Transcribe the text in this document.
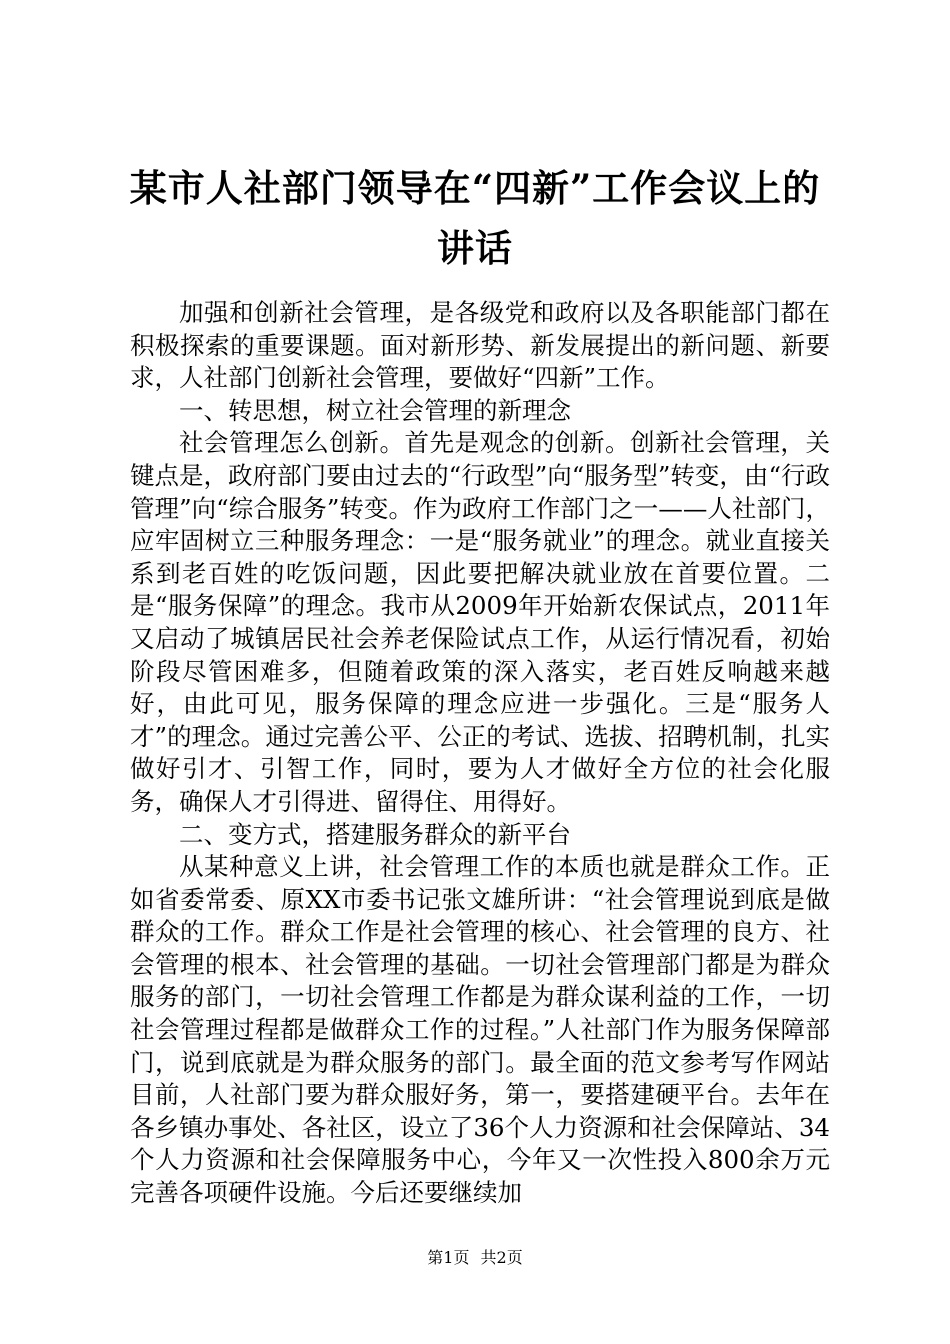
某市人社部门领导在“四新”工作会议上的讲话

加强和创新社会管理，是各级党和政府以及各职能部门都在积极探索的重要课题。面对新形势、新发展提出的新问题、新要求，人社部门创新社会管理，要做好“四新”工作。

一、转思想，树立社会管理的新理念

社会管理怎么创新。首先是观念的创新。创新社会管理，关键点是，政府部门要由过去的“行政型”向“服务型”转变，由“行政管理”向“综合服务”转变。作为政府工作部门之一——人社部门，应牢固树立三种服务理念：一是“服务就业”的理念。就业直接关系到老百姓的吃饭问题，因此要把解决就业放在首要位置。二是“服务保障”的理念。我市从2009年开始新农保试点，2011年又启动了城镇居民社会养老保险试点工作，从运行情况看，初始阶段尽管困难多，但随着政策的深入落实，老百姓反响越来越好，由此可见，服务保障的理念应进一步强化。三是“服务人才”的理念。通过完善公平、公正的考试、选拔、招聘机制，扎实做好引才、引智工作，同时，要为人才做好全方位的社会化服务，确保人才引得进、留得住、用得好。

二、变方式，搭建服务群众的新平台

从某种意义上讲，社会管理工作的本质也就是群众工作。正如省委常委、原XX市委书记张文雄所讲：“社会管理说到底是做群众的工作。群众工作是社会管理的核心、社会管理的良方、社会管理的根本、社会管理的基础。一切社会管理部门都是为群众服务的部门，一切社会管理工作都是为群众谋利益的工作，一切社会管理过程都是做群众工作的过程。”人社部门作为服务保障部门，说到底就是为群众服务的部门。最全面的范文参考写作网站目前，人社部门要为群众服好务，第一，要搭建硬平台。去年在各乡镇办事处、各社区，设立了36个人力资源和社会保障站、34个人力资源和社会保障服务中心，今年又一次性投入800余万元完善各项硬件设施。今后还要继续加

第1页 共2页
